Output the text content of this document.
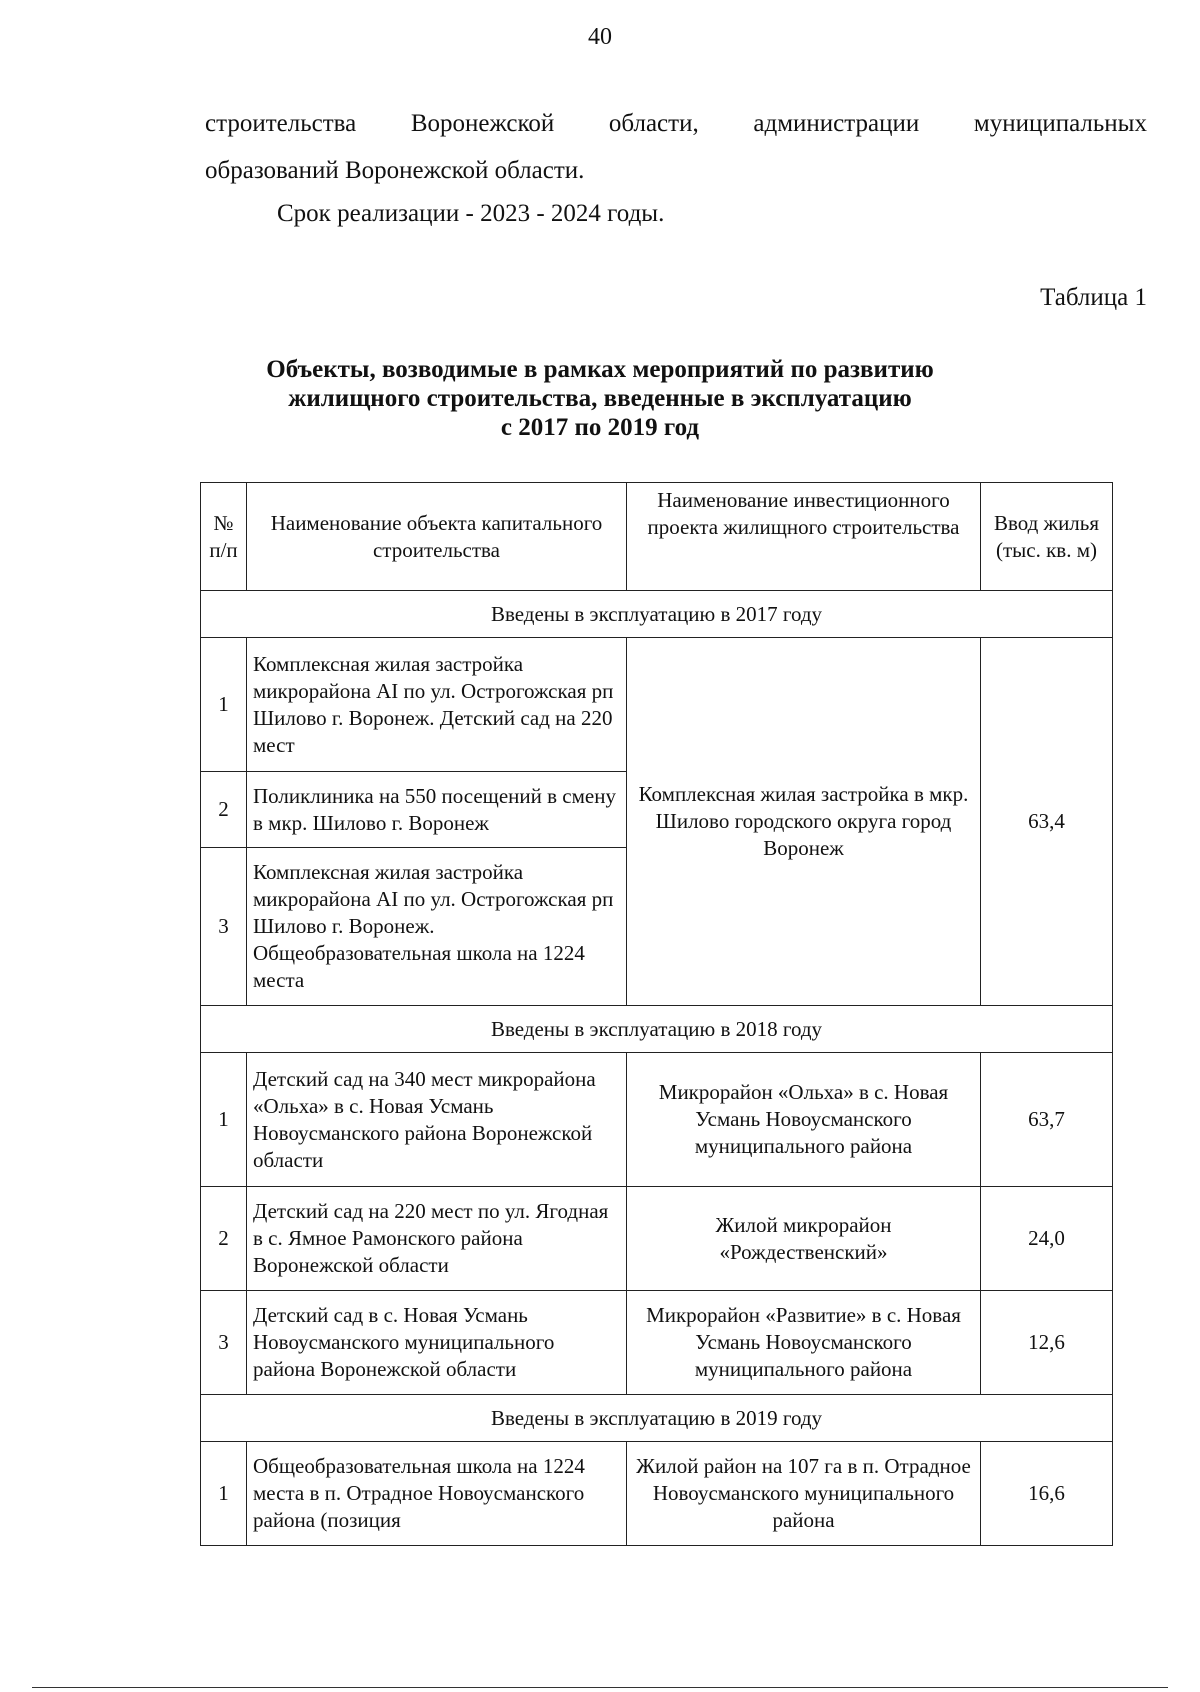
40
строительства Воронежской области, администрации муниципальных
образований Воронежской области.
Срок реализации - 2023 - 2024 годы.
Таблица 1
Объекты, возводимые в рамках мероприятий по развитию
жилищного строительства, введенные в эксплуатацию
с 2017 по 2019 год
№ п/п	Наименование объекта капитального строительства	Наименование инвестиционного проекта жилищного строительства	Ввод жилья (тыс. кв. м)
Введены в эксплуатацию в 2017 году			
1	Комплексная жилая застройка микрорайона AI по ул. Острогожская рп Шилово г. Воронеж. Детский сад на 220 мест	Комплексная жилая застройка в мкр. Шилово городского округа город Воронеж	63,4
2	Поликлиника на 550 посещений в смену в мкр. Шилово г. Воронеж		
3	Комплексная жилая застройка микрорайона AI по ул. Острогожская рп Шилово г. Воронеж. Общеобразовательная школа на 1224 места		
Введены в эксплуатацию в 2018 году			
1	Детский сад на 340 мест микрорайона «Ольха» в с. Новая Усмань Новоусманского района Воронежской области	Микрорайон «Ольха» в с. Новая Усмань Новоусманского муниципального района	63,7
2	Детский сад на 220 мест по ул. Ягодная в с. Ямное Рамонского района Воронежской области	Жилой микрорайон «Рождественский»	24,0
3	Детский сад в с. Новая Усмань Новоусманского муниципального района Воронежской области	Микрорайон «Развитие» в с. Новая Усмань Новоусманского муниципального района	12,6
Введены в эксплуатацию в 2019 году			
1	Общеобразовательная школа на 1224 места в п. Отрадное Новоусманского района (позиция	Жилой район на 107 га в п. Отрадное Новоусманского муниципального района	16,6
